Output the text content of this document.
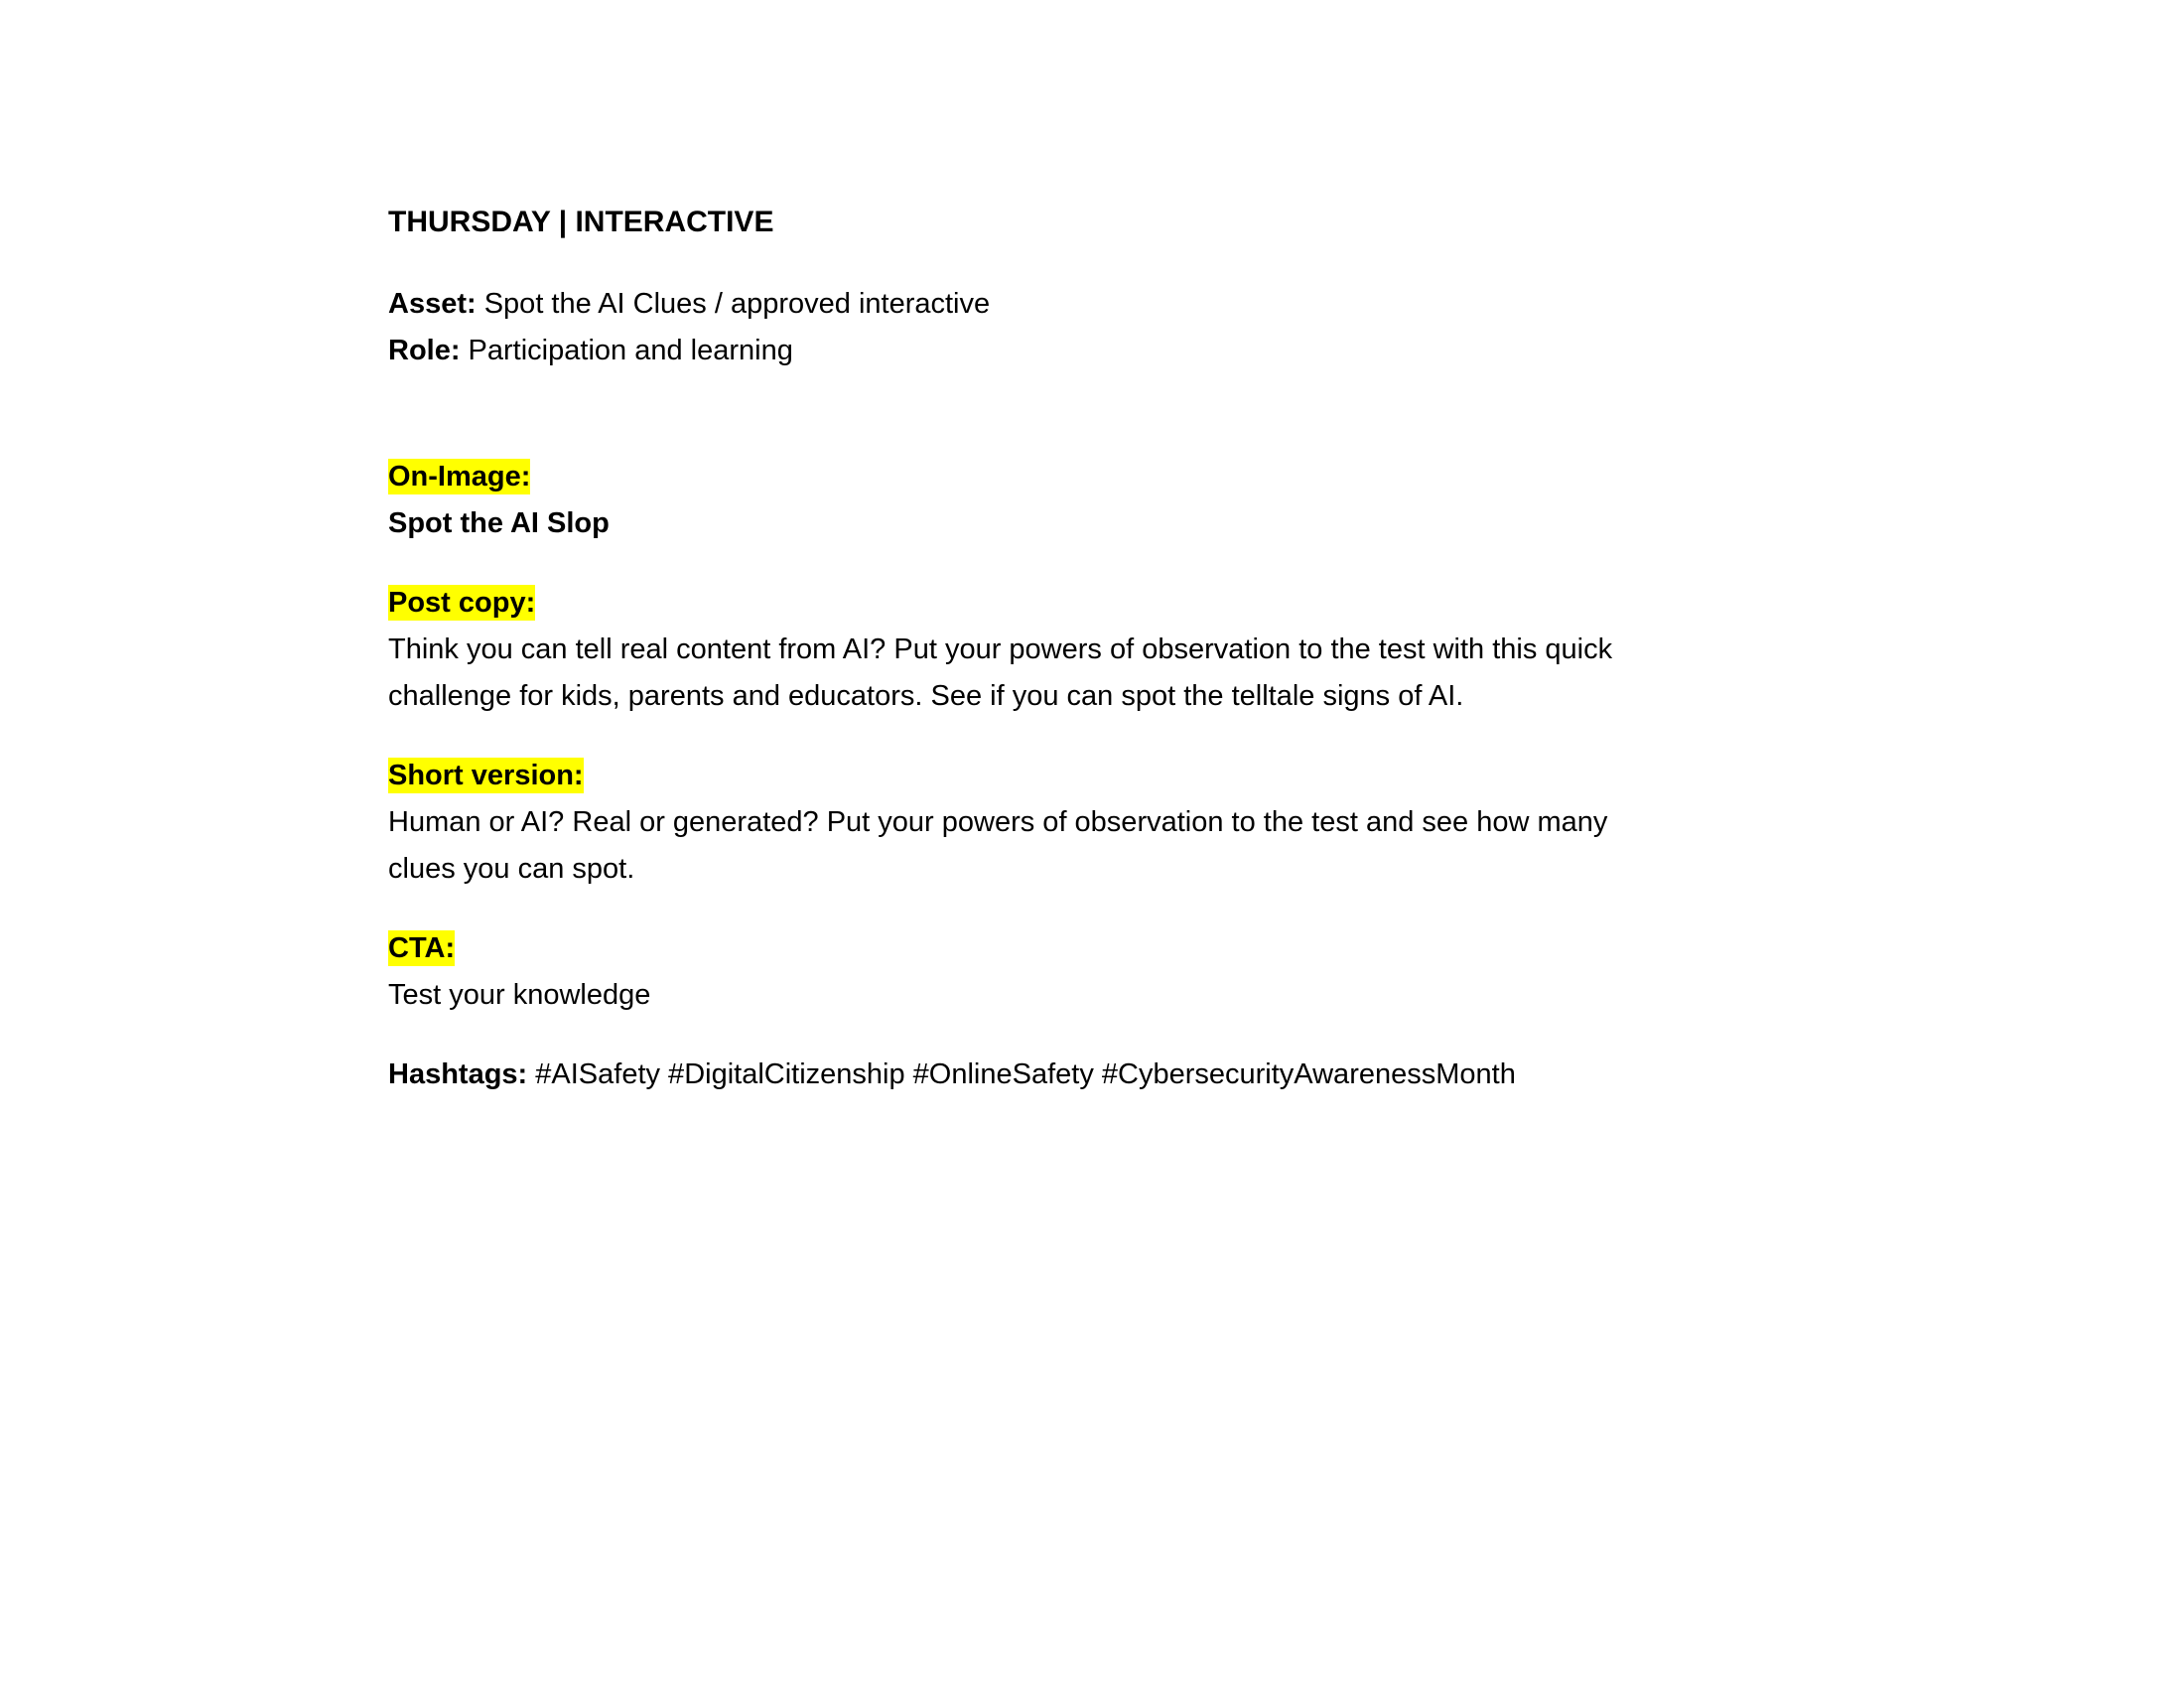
THURSDAY | INTERACTIVE

Asset: Spot the AI Clues / approved interactive

Role: Participation and learning

On-Image:

Spot the AI Slop

Post copy:

Think you can tell real content from AI? Put your powers of observation to the test with this quick challenge for kids, parents and educators. See if you can spot the telltale signs of AI.

Short version:

Human or AI? Real or generated? Put your powers of observation to the test and see how many clues you can spot.

CTA:

Test your knowledge

Hashtags: #AISafety #DigitalCitizenship #OnlineSafety #CybersecurityAwarenessMonth
